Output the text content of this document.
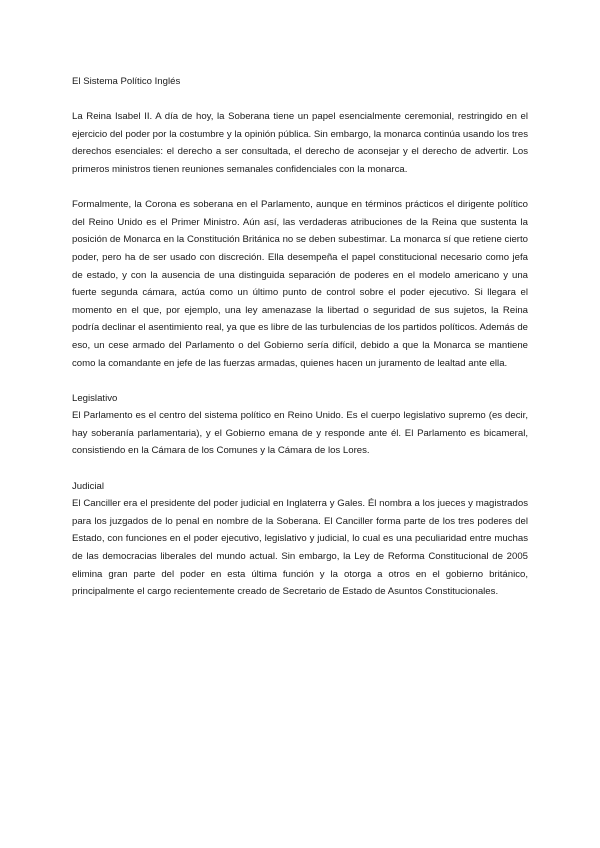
El Sistema Político Inglés

La Reina Isabel II. A día de hoy, la Soberana tiene un papel esencialmente ceremonial, restringido en el ejercicio del poder por la costumbre y la opinión pública. Sin embargo, la monarca continúa usando los tres derechos esenciales: el derecho a ser consultada, el derecho de aconsejar y el derecho de advertir. Los primeros ministros tienen reuniones semanales confidenciales con la monarca.

Formalmente, la Corona es soberana en el Parlamento, aunque en términos prácticos el dirigente político del Reino Unido es el Primer Ministro. Aún así, las verdaderas atribuciones de la Reina que sustenta la posición de Monarca en la Constitución Británica no se deben subestimar. La monarca sí que retiene cierto poder, pero ha de ser usado con discreción. Ella desempeña el papel constitucional necesario como jefa de estado, y con la ausencia de una distinguida separación de poderes en el modelo americano y una fuerte segunda cámara, actúa como un último punto de control sobre el poder ejecutivo. Si llegara el momento en el que, por ejemplo, una ley amenazase la libertad o seguridad de sus sujetos, la Reina podría declinar el asentimiento real, ya que es libre de las turbulencias de los partidos políticos. Además de eso, un cese armado del Parlamento o del Gobierno sería difícil, debido a que la Monarca se mantiene como la comandante en jefe de las fuerzas armadas, quienes hacen un juramento de lealtad ante ella.

Legislativo

El Parlamento es el centro del sistema político en Reino Unido. Es el cuerpo legislativo supremo (es decir, hay soberanía parlamentaria), y el Gobierno emana de y responde ante él. El Parlamento es bicameral, consistiendo en la Cámara de los Comunes y la Cámara de los Lores.

Judicial

El Canciller era el presidente del poder judicial en Inglaterra y Gales. Él nombra a los jueces y magistrados para los juzgados de lo penal en nombre de la Soberana. El Canciller forma parte de los tres poderes del Estado, con funciones en el poder ejecutivo, legislativo y judicial, lo cual es una peculiaridad entre muchas de las democracias liberales del mundo actual. Sin embargo, la Ley de Reforma Constitucional de 2005 elimina gran parte del poder en esta última función y la otorga a otros en el gobierno británico, principalmente el cargo recientemente creado de Secretario de Estado de Asuntos Constitucionales.
